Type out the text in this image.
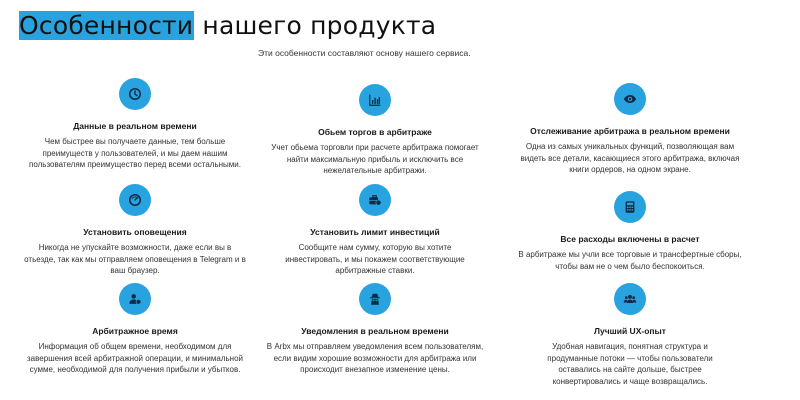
Особенности нашего продукта
Эти особенности составляют основу нашего сервиса.
Данные в реальном времени
Чем быстрее вы получаете данные, тем больше преимуществ у пользователей, и мы даем нашим пользователям преимущество перед всеми остальными.
Обьем торгов в арбитраже
Учет обьема торговли при расчете арбитража помогает найти максимальную прибыль и исключить все нежелательные арбитражи.
Отслеживание арбитража в реальном времени
Одна из самых уникальных функций, позволяющая вам видеть все детали, касающиеся этого арбитража, включая книги ордеров, на одном экране.
Установить оповещения
Никогда не упускайте возможности, даже если вы в отьезде, так как мы отправляем оповещения в Telegram и в ваш браузер.
Установить лимит инвестиций
Сообщите нам сумму, которую вы хотите инвестировать, и мы покажем соответствующие арбитражные ставки.
Все расходы включены в расчет
В арбитраже мы учли все торговые и трансфертные сборы, чтобы вам не о чем было беспокоиться.
Арбитражное время
Информация об общем времени, необходимом для завершения всей арбитражной операции, и минимальной сумме, необходимой для получения прибыли и убытков.
Уведомления в реальном времени
В Arbx мы отправляем уведомления всем пользователям, если видим хорошие возможности для арбитража или происходит внезапное изменение цены.
Лучший UX-опыт
Удобная навигация, понятная структура и продуманные потоки — чтобы пользователи оставались на сайте дольше, быстрее конвертировались и чаще возвращались.
